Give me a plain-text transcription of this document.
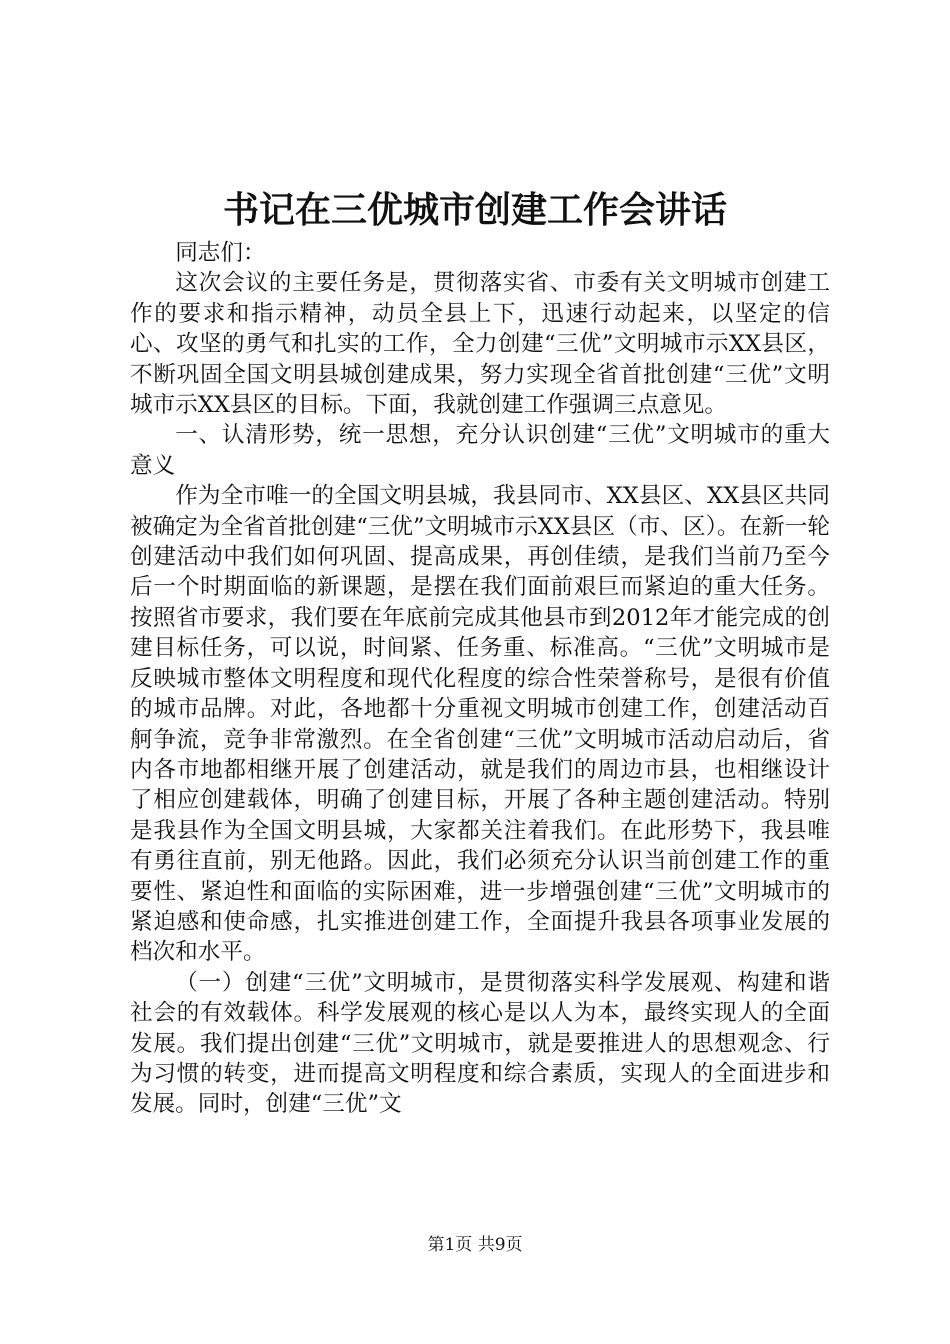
书记在三优城市创建工作会讲话

同志们：

这次会议的主要任务是，贯彻落实省、市委有关文明城市创建工作的要求和指示精神，动员全县上下，迅速行动起来，以坚定的信心、攻坚的勇气和扎实的工作，全力创建“三优”文明城市示XX县区，不断巩固全国文明县城创建成果，努力实现全省首批创建“三优”文明城市示XX县区的目标。下面，我就创建工作强调三点意见。

一、认清形势，统一思想，充分认识创建“三优”文明城市的重大意义

作为全市唯一的全国文明县城，我县同市、XX县区、XX县区共同被确定为全省首批创建“三优”文明城市示XX县区（市、区）。在新一轮创建活动中我们如何巩固、提高成果，再创佳绩，是我们当前乃至今后一个时期面临的新课题，是摆在我们面前艰巨而紧迫的重大任务。按照省市要求，我们要在年底前完成其他县市到2012年才能完成的创建目标任务，可以说，时间紧、任务重、标准高。“三优”文明城市是反映城市整体文明程度和现代化程度的综合性荣誉称号，是很有价值的城市品牌。对此，各地都十分重视文明城市创建工作，创建活动百舸争流，竞争非常激烈。在全省创建“三优”文明城市活动启动后，省内各市地都相继开展了创建活动，就是我们的周边市县，也相继设计了相应创建载体，明确了创建目标，开展了各种主题创建活动。特别是我县作为全国文明县城，大家都关注着我们。在此形势下，我县唯有勇往直前，别无他路。因此，我们必须充分认识当前创建工作的重要性、紧迫性和面临的实际困难，进一步增强创建“三优”文明城市的紧迫感和使命感，扎实推进创建工作，全面提升我县各项事业发展的档次和水平。

（一）创建“三优”文明城市，是贯彻落实科学发展观、构建和谐社会的有效载体。科学发展观的核心是以人为本，最终实现人的全面发展。我们提出创建“三优”文明城市，就是要推进人的思想观念、行为习惯的转变，进而提高文明程度和综合素质，实现人的全面进步和发展。同时，创建“三优”文

第1页 共9页
